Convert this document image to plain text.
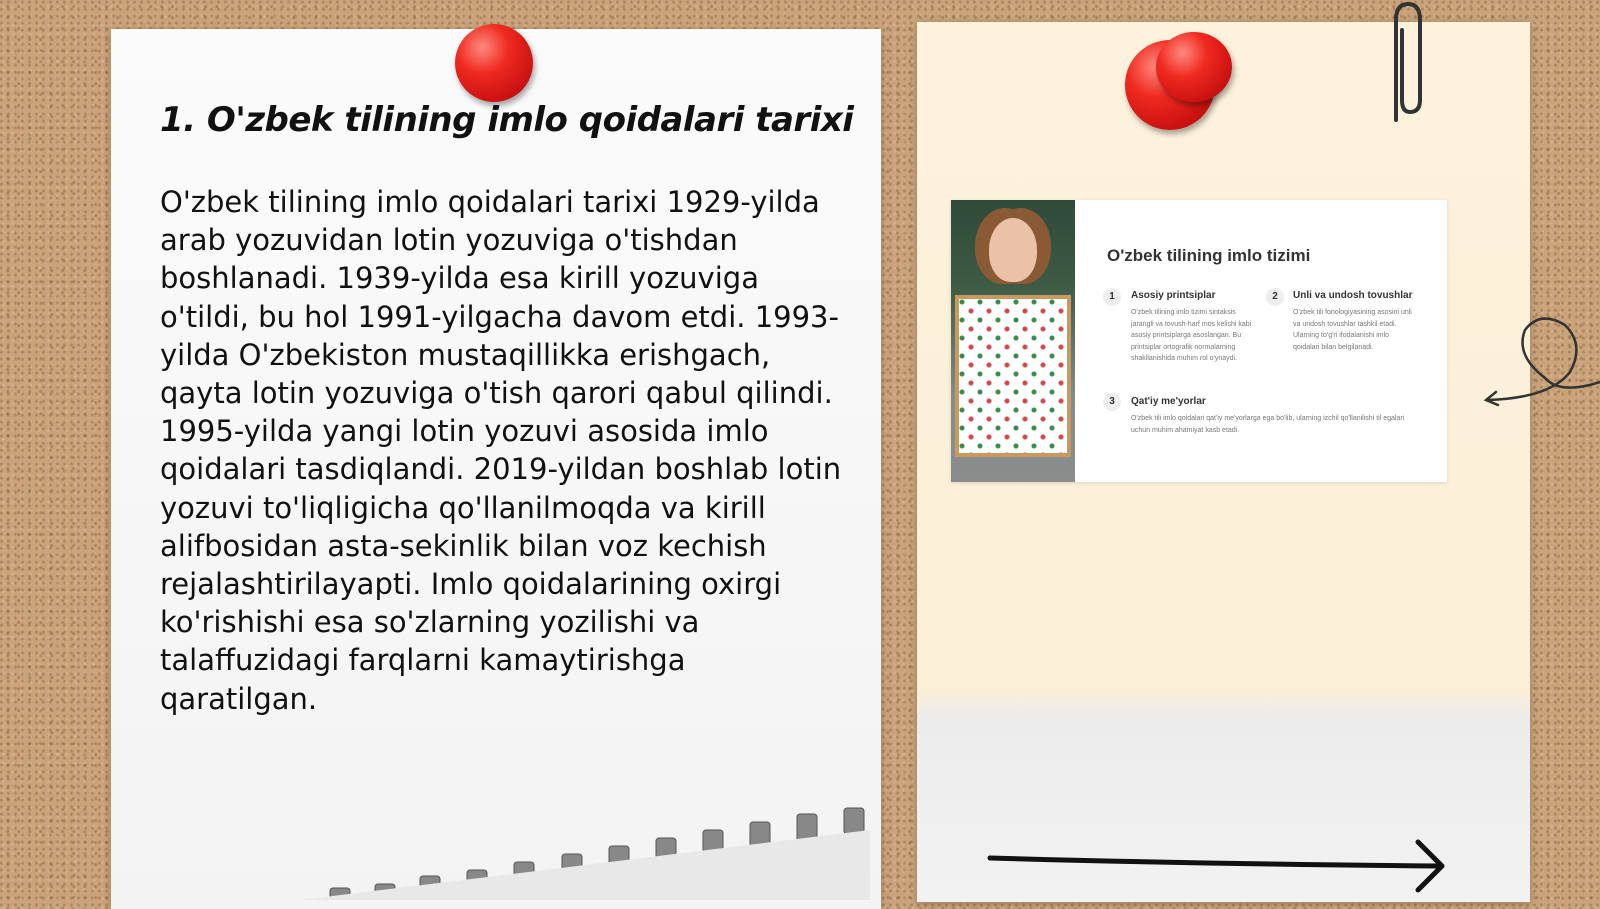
1. O'zbek tilining imlo qoidalari tarixi

O'zbek tilining imlo qoidalari tarixi 1929-yilda arab yozuvidan lotin yozuviga o'tishdan boshlanadi. 1939-yilda esa kirill yozuviga o'tildi, bu hol 1991-yilgacha davom etdi. 1993-yilda O'zbekiston mustaqillikka erishgach, qayta lotin yozuviga o'tish qarori qabul qilindi. 1995-yilda yangi lotin yozuvi asosida imlo qoidalari tasdiqlandi. 2019-yildan boshlab lotin yozuvi to'liqligicha qo'llanilmoqda va kirill alifbosidan asta-sekinlik bilan voz kechish rejalashtirilayapti. Imlo qoidalarining oxirgi ko'rishishi esa so'zlarning yozilishi va talaffuzidagi farqlarni kamaytirishga qaratilgan.

O'zbek tilining imlo tizimi
1	Asosiy printsiplar

O'zbek tilining imlo tizimi sintaksis jarangli va tovush-harf mos kelishi kabi asosiy printsiplarga asoslangan. Bu printsiplar ortografik normalarning shakllanishida muhim rol o'ynaydi.

2	Unli va undosh tovushlar

O'zbek tili fonologiyasining asosini unli va undosh tovushlar tashkil etadi. Ularning to'g'ri ifodalanishi imlo qoidalari bilan belgilanadi.

3	Qat'iy me'yorlar

O'zbek tili imlo qoidalari qat'iy me'yorlarga ega bo'lib, ularning izchil qo'llanilishi til egalari uchun muhim ahamiyat kasb etadi.
